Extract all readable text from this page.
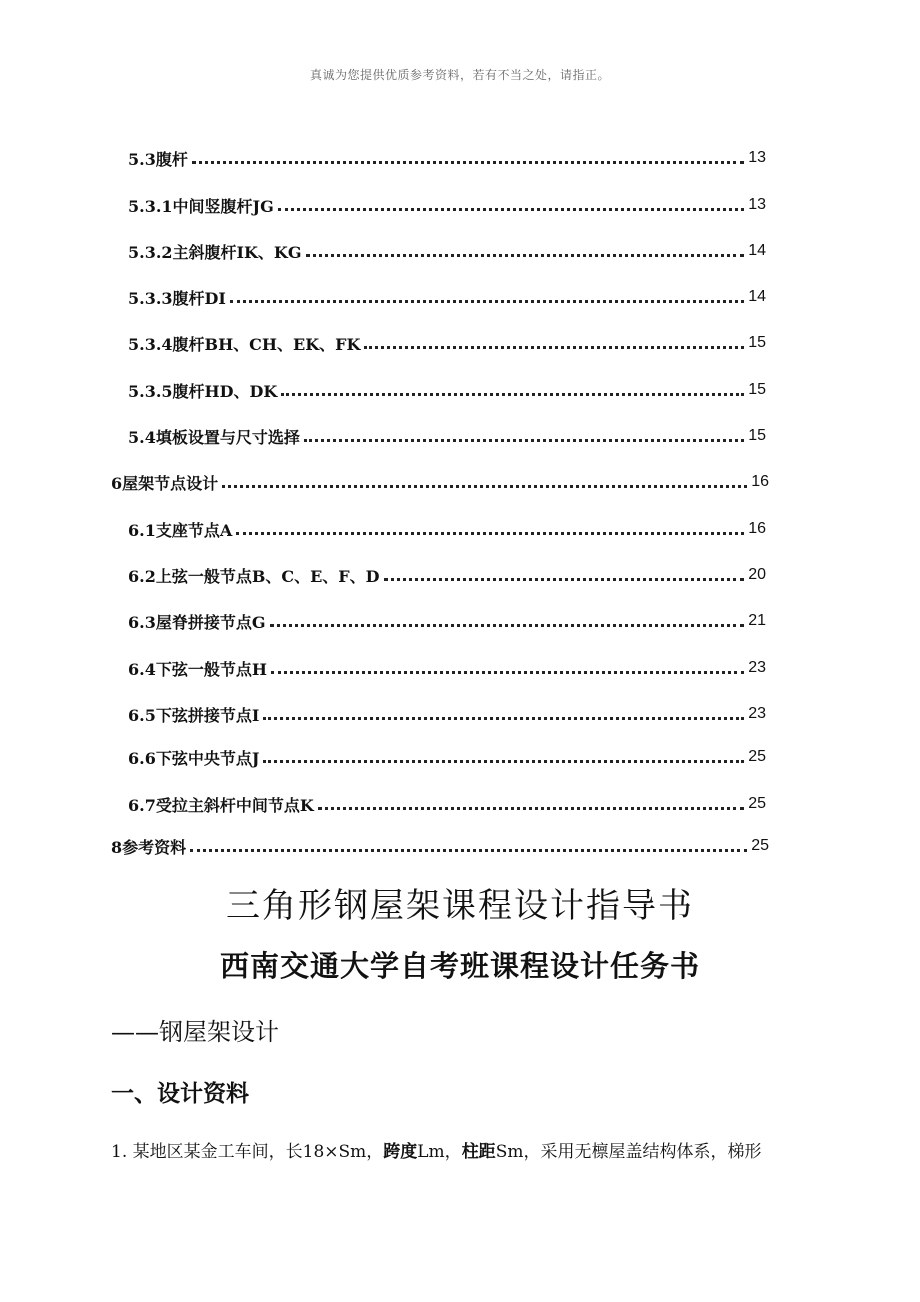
真诚为您提供优质参考资料，若有不当之处，请指正。
5.3腹杆	13
5.3.1中间竖腹杆JG	13
5.3.2主斜腹杆IK、KG	14
5.3.3腹杆DI	14
5.3.4腹杆BH、CH、EK、FK	15
5.3.5腹杆HD、DK	15
5.4填板设置与尺寸选择	15
6屋架节点设计	16
6.1支座节点A	16
6.2上弦一般节点B、C、E、F、D	20
6.3屋脊拼接节点G	21
6.4下弦一般节点H	23
6.5下弦拼接节点I	23
6.6下弦中央节点J	25
6.7受拉主斜杆中间节点K	25
8参考资料	25
三角形钢屋架课程设计指导书
西南交通大学自考班课程设计任务书
——钢屋架设计
一、设计资料
1. 某地区某金工车间，长18×Sm，跨度Lm，柱距Sm，采用无檩屋盖结构体系，梯形
